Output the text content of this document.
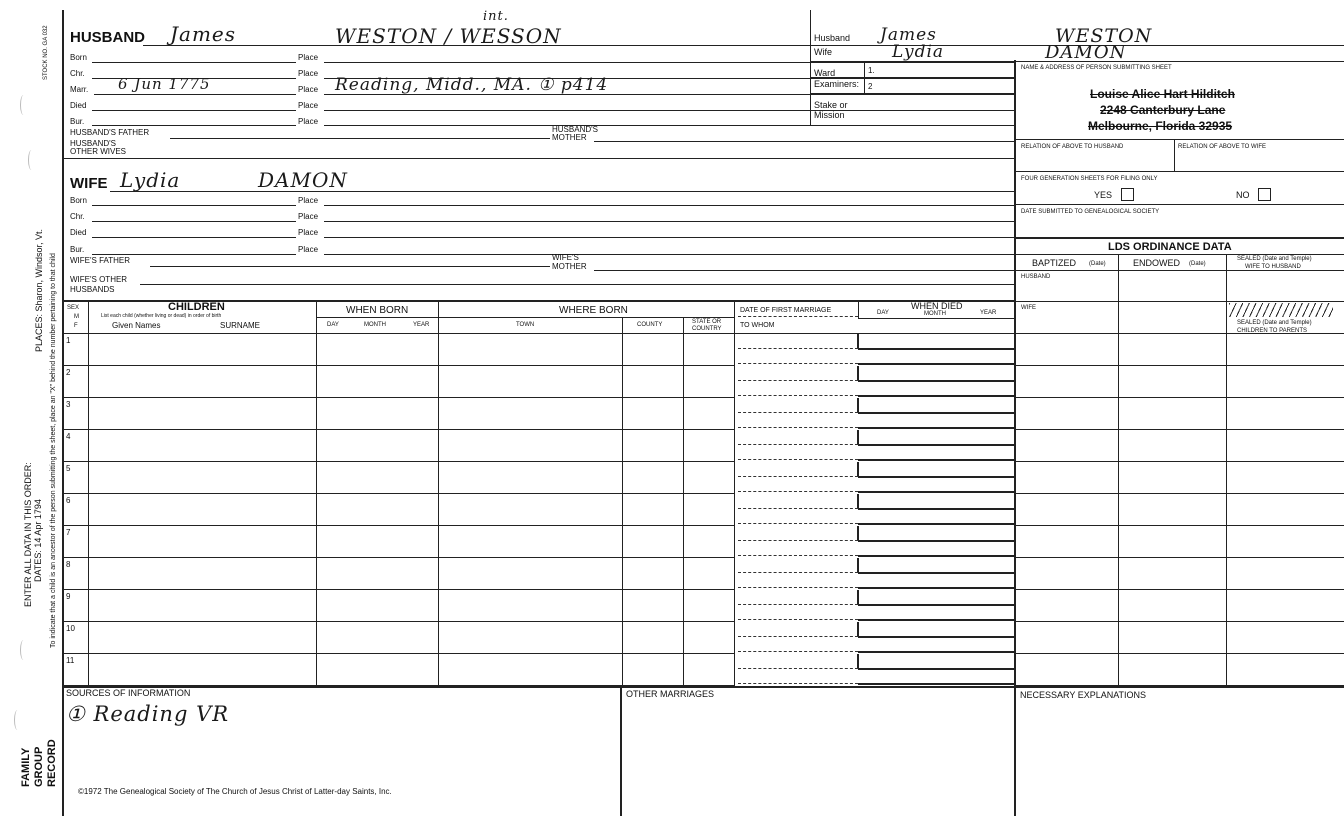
STOCK NO. GA 032
PLACES: Sharon, Windsor, Vt. To indicate that a child is an ancestor of the person submitting the sheet, place an "X" behind the number pertaining to that child
ENTER ALL DATA IN THIS ORDER: DATES: 14 Apr 1794
FAMILY GROUP RECORD
HUSBAND James	WESTON / WESSON
int.
Born	Place
Chr.	Place
Marr. 6 Jun 1775	Place Reading, Midd., MA. ① p414
Died	Place
Bur.	Place
HUSBAND'S FATHER	HUSBAND'S
MOTHER
HUSBAND'S
OTHER WIVES
WIFE Lydia	DAMON
Born	Place
Chr.	Place
Died	Place
Bur.	Place
WIFE'S FATHER	WIFE'S
MOTHER
WIFE'S OTHER
HUSBANDS
SEX
M
F
CHILDREN
List each child (whether living or dead) in order of birth
Given Names	SURNAME
WHEN BORN
DAY	MONTH	YEAR
WHERE BORN
TOWN	COUNTY	STATE OR
COUNTRY
DATE OF FIRST MARRIAGE
TO WHOM
WHEN DIED
DAY	MONTH	YEAR
1
2
3
4
5
6
7
8
9
10
11
SOURCES OF INFORMATION
① Reading VR
OTHER MARRIAGES	NECESSARY EXPLANATIONS
©1972 The Genealogical Society of The Church of Jesus Christ of Latter-day Saints, Inc.
Husband James	WESTON
Wife	Lydia	DAMON
Ward	1.
Examiners: 2
Stake or
Mission
NAME & ADDRESS OF PERSON SUBMITTING SHEET
Louise Alice Hart Hilditch
2248 Canterbury Lane
Melbourne, Florida 32935
RELATION OF ABOVE TO HUSBAND	RELATION OF ABOVE TO WIFE
FOUR GENERATION SHEETS FOR FILING ONLY
YES	NO
DATE SUBMITTED TO GENEALOGICAL SOCIETY
LDS ORDINANCE DATA
BAPTIZED (Date)	ENDOWED (Date)
SEALED (Date and Temple)
WIFE TO HUSBAND
HUSBAND
WIFE
SEALED (Date and Temple)
CHILDREN TO PARENTS
